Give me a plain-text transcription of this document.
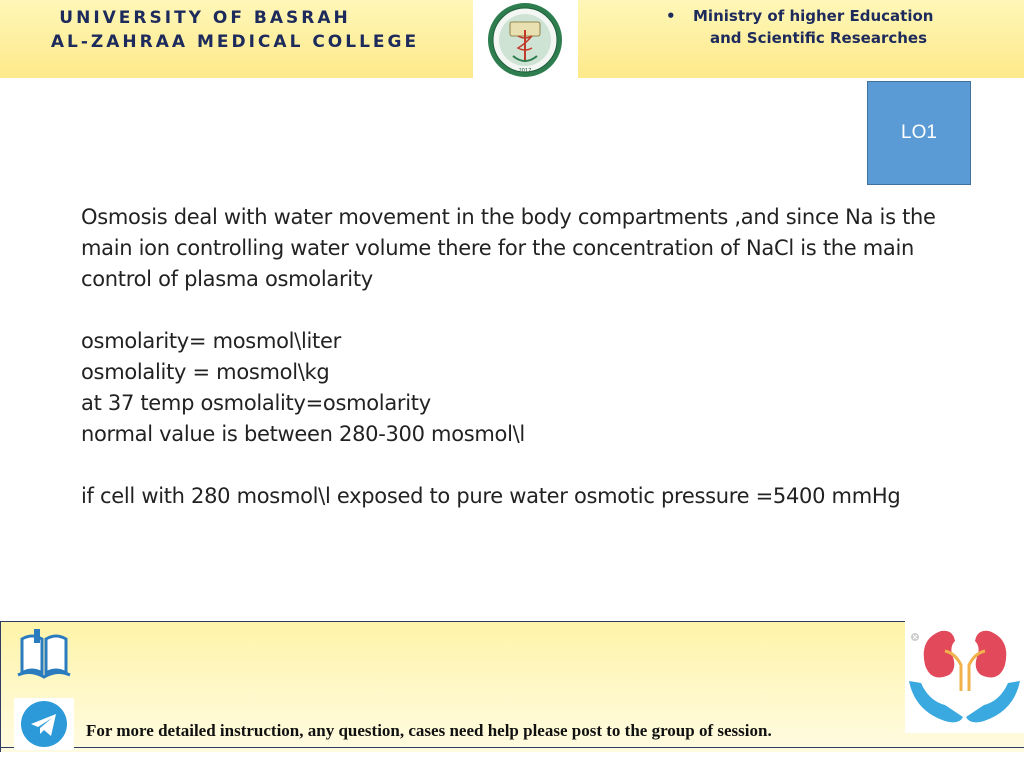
UNIVERSITY OF BASRAH
AL-ZAHRAA MEDICAL COLLEGE
2017
• Ministry of higher Education
and Scientific Researches
LO1

Osmosis deal with water movement in the body compartments ,and since Na is the main ion controlling water volume there for the concentration of NaCl is the main control of plasma osmolarity

osmolarity= mosmol\liter

osmolality = mosmol\kg

at 37 temp osmolality=osmolarity

normal value is between 280-300 mosmol\l

if cell with 280 mosmol\l exposed to pure water osmotic pressure =5400 mmHg

For more detailed instruction, any question, cases need help please post to the group of session.
